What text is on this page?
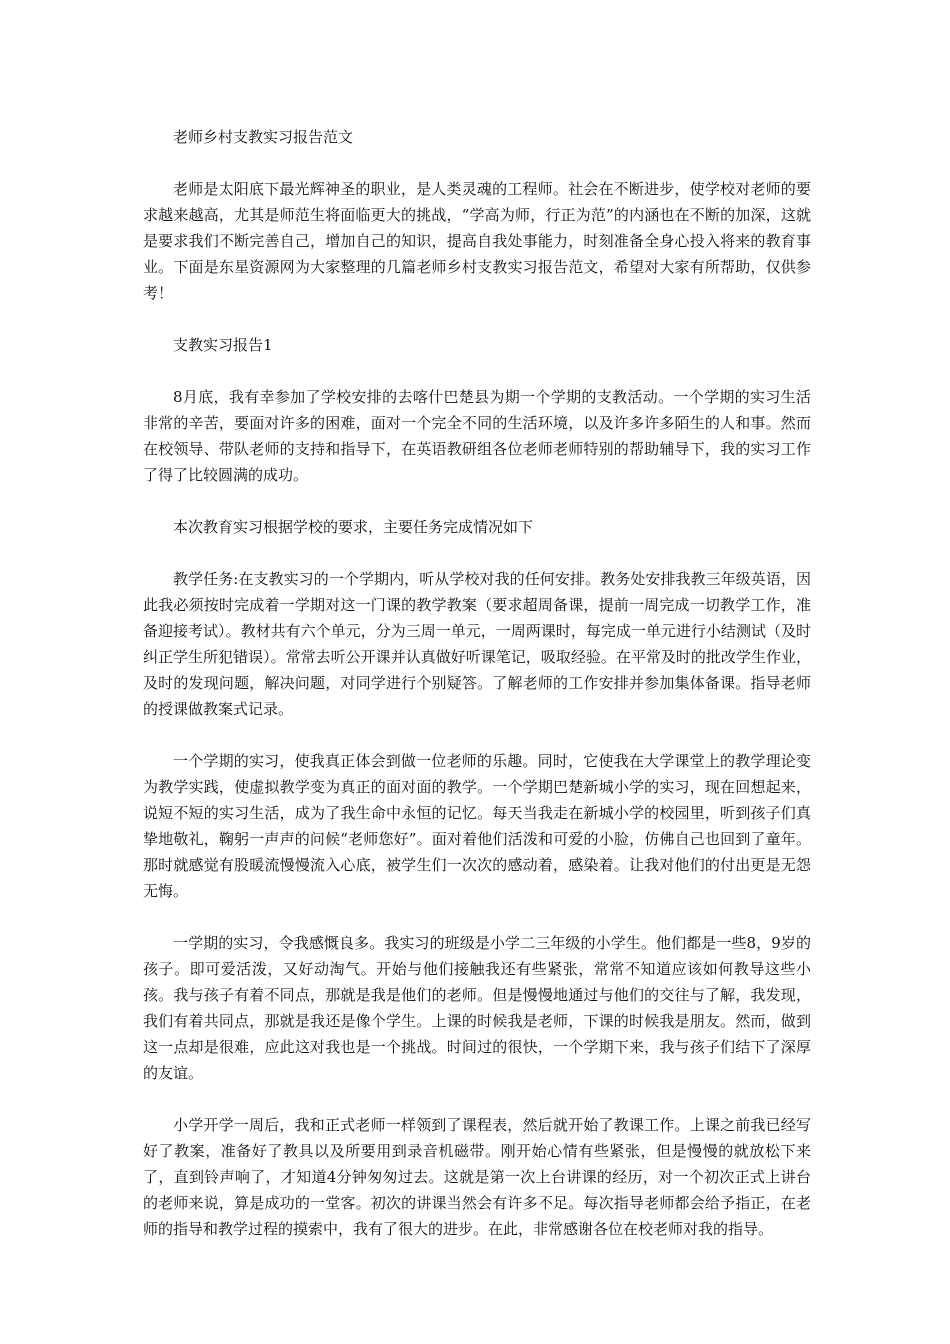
老师乡村支教实习报告范文

老师是太阳底下最光辉神圣的职业，是人类灵魂的工程师。社会在不断进步，使学校对老师的要求越来越高，尤其是师范生将面临更大的挑战，“学高为师，行正为范”的内涵也在不断的加深，这就是要求我们不断完善自己，增加自己的知识，提高自我处事能力，时刻准备全身心投入将来的教育事业。下面是东星资源网为大家整理的几篇老师乡村支教实习报告范文，希望对大家有所帮助，仅供参考！

支教实习报告1

8月底，我有幸参加了学校安排的去喀什巴楚县为期一个学期的支教活动。一个学期的实习生活非常的辛苦，要面对许多的困难，面对一个完全不同的生活环境，以及许多许多陌生的人和事。然而在校领导、带队老师的支持和指导下，在英语教研组各位老师老师特别的帮助辅导下，我的实习工作了得了比较圆满的成功。

本次教育实习根据学校的要求，主要任务完成情况如下

教学任务:在支教实习的一个学期内，听从学校对我的任何安排。教务处安排我教三年级英语，因此我必须按时完成着一学期对这一门课的教学教案（要求超周备课，提前一周完成一切教学工作，准备迎接考试）。教材共有六个单元，分为三周一单元，一周两课时，每完成一单元进行小结测试（及时纠正学生所犯错误）。常常去听公开课并认真做好听课笔记，吸取经验。在平常及时的批改学生作业，及时的发现问题，解决问题，对同学进行个别疑答。了解老师的工作安排并参加集体备课。指导老师的授课做教案式记录。

一个学期的实习，使我真正体会到做一位老师的乐趣。同时，它使我在大学课堂上的教学理论变为教学实践，使虚拟教学变为真正的面对面的教学。一个学期巴楚新城小学的实习，现在回想起来，说短不短的实习生活，成为了我生命中永恒的记忆。每天当我走在新城小学的校园里，听到孩子们真挚地敬礼，鞠躬一声声的问候“老师您好”。面对着他们活泼和可爱的小脸，仿佛自己也回到了童年。那时就感觉有股暖流慢慢流入心底，被学生们一次次的感动着，感染着。让我对他们的付出更是无怨无悔。

一学期的实习，令我感慨良多。我实习的班级是小学二三年级的小学生。他们都是一些8，9岁的孩子。即可爱活泼，又好动淘气。开始与他们接触我还有些紧张，常常不知道应该如何教导这些小孩。我与孩子有着不同点，那就是我是他们的老师。但是慢慢地通过与他们的交往与了解，我发现，我们有着共同点，那就是我还是像个学生。上课的时候我是老师，下课的时候我是朋友。然而，做到这一点却是很难，应此这对我也是一个挑战。时间过的很快，一个学期下来，我与孩子们结下了深厚的友谊。

小学开学一周后，我和正式老师一样领到了课程表，然后就开始了教课工作。上课之前我已经写好了教案，准备好了教具以及所要用到录音机磁带。刚开始心情有些紧张，但是慢慢的就放松下来了，直到铃声响了，才知道4分钟匆匆过去。这就是第一次上台讲课的经历，对一个初次正式上讲台的老师来说，算是成功的一堂客。初次的讲课当然会有许多不足。每次指导老师都会给予指正，在老师的指导和教学过程的摸索中，我有了很大的进步。在此，非常感谢各位在校老师对我的指导。
